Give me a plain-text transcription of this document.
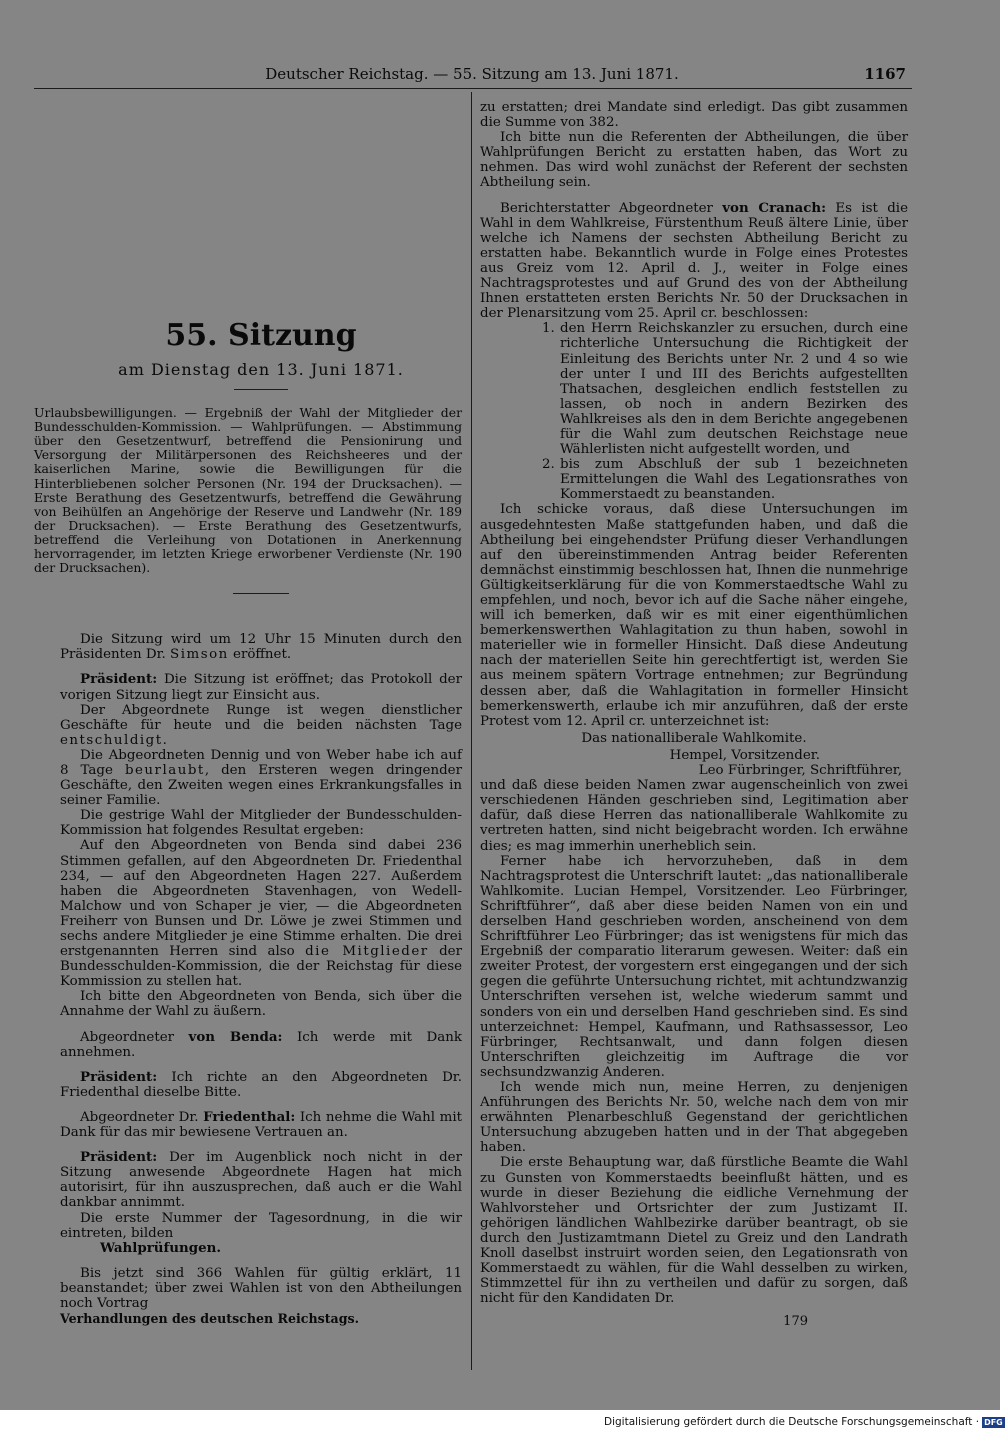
Deutscher Reichstag. — 55. Sitzung am 13. Juni 1871.	1167
55. Sitzung
am Dienstag den 13. Juni 1871.
Urlaubsbewilligungen. — Ergebniß der Wahl der Mitglieder der Bundesschulden-Kommission. — Wahlprüfungen. — Abstimmung über den Gesetzentwurf, betreffend die Pensionirung und Versorgung der Militärpersonen des Reichsheeres und der kaiserlichen Marine, sowie die Bewilligungen für die Hinterbliebenen solcher Personen (Nr. 194 der Drucksachen). — Erste Berathung des Gesetzentwurfs, betreffend die Gewährung von Beihülfen an Angehörige der Reserve und Landwehr (Nr. 189 der Drucksachen). — Erste Berathung des Gesetzentwurfs, betreffend die Verleihung von Dotationen in Anerkennung hervorragender, im letzten Kriege erworbener Verdienste (Nr. 190 der Drucksachen).

Die Sitzung wird um 12 Uhr 15 Minuten durch den Präsidenten Dr. Simson eröffnet.

Präsident: Die Sitzung ist eröffnet; das Protokoll der vorigen Sitzung liegt zur Einsicht aus.

Der Abgeordnete Runge ist wegen dienstlicher Geschäfte für heute und die beiden nächsten Tage entschuldigt.

Die Abgeordneten Dennig und von Weber habe ich auf 8 Tage beurlaubt, den Ersteren wegen dringender Geschäfte, den Zweiten wegen eines Erkrankungsfalles in seiner Familie.

Die gestrige Wahl der Mitglieder der Bundesschulden-Kommission hat folgendes Resultat ergeben:

Auf den Abgeordneten von Benda sind dabei 236 Stimmen gefallen, auf den Abgeordneten Dr. Friedenthal 234, — auf den Abgeordneten Hagen 227. Außerdem haben die Abgeordneten Stavenhagen, von Wedell-Malchow und von Schaper je vier, — die Abgeordneten Freiherr von Bunsen und Dr. Löwe je zwei Stimmen und sechs andere Mitglieder je eine Stimme erhalten. Die drei erstgenannten Herren sind also die Mitglieder der Bundesschulden-Kommission, die der Reichstag für diese Kommission zu stellen hat.

Ich bitte den Abgeordneten von Benda, sich über die Annahme der Wahl zu äußern.

Abgeordneter von Benda: Ich werde mit Dank annehmen.

Präsident: Ich richte an den Abgeordneten Dr. Friedenthal dieselbe Bitte.

Abgeordneter Dr. Friedenthal: Ich nehme die Wahl mit Dank für das mir bewiesene Vertrauen an.

Präsident: Der im Augenblick noch nicht in der Sitzung anwesende Abgeordnete Hagen hat mich autorisirt, für ihn auszusprechen, daß auch er die Wahl dankbar annimmt.

Die erste Nummer der Tagesordnung, in die wir eintreten, bilden

Wahlprüfungen.

Bis jetzt sind 366 Wahlen für gültig erklärt, 11 beanstandet; über zwei Wahlen ist von den Abtheilungen noch Vortrag

Verhandlungen des deutschen Reichstags.

zu erstatten; drei Mandate sind erledigt. Das gibt zusammen die Summe von 382.

Ich bitte nun die Referenten der Abtheilungen, die über Wahlprüfungen Bericht zu erstatten haben, das Wort zu nehmen. Das wird wohl zunächst der Referent der sechsten Abtheilung sein.

Berichterstatter Abgeordneter von Cranach: Es ist die Wahl in dem Wahlkreise, Fürstenthum Reuß ältere Linie, über welche ich Namens der sechsten Abtheilung Bericht zu erstatten habe. Bekanntlich wurde in Folge eines Protestes aus Greiz vom 12. April d. J., weiter in Folge eines Nachtragsprotestes und auf Grund des von der Abtheilung Ihnen erstatteten ersten Berichts Nr. 50 der Drucksachen in der Plenarsitzung vom 25. April cr. beschlossen:

1. den Herrn Reichskanzler zu ersuchen, durch eine richterliche Untersuchung die Richtigkeit der Einleitung des Berichts unter Nr. 2 und 4 so wie der unter I und III des Berichts aufgestellten Thatsachen, desgleichen endlich feststellen zu lassen, ob noch in andern Bezirken des Wahlkreises als den in dem Berichte angegebenen für die Wahl zum deutschen Reichstage neue Wählerlisten nicht aufgestellt worden, und
2. bis zum Abschluß der sub 1 bezeichneten Ermittelungen die Wahl des Legationsrathes von Kommerstaedt zu beanstanden.

Ich schicke voraus, daß diese Untersuchungen im ausgedehntesten Maße stattgefunden haben, und daß die Abtheilung bei eingehendster Prüfung dieser Verhandlungen auf den übereinstimmenden Antrag beider Referenten demnächst einstimmig beschlossen hat, Ihnen die nunmehrige Gültigkeitserklärung für die von Kommerstaedtsche Wahl zu empfehlen, und noch, bevor ich auf die Sache näher eingehe, will ich bemerken, daß wir es mit einer eigenthümlichen bemerkenswerthen Wahlagitation zu thun haben, sowohl in materieller wie in formeller Hinsicht. Daß diese Andeutung nach der materiellen Seite hin gerechtfertigt ist, werden Sie aus meinem spätern Vortrage entnehmen; zur Begründung dessen aber, daß die Wahlagitation in formeller Hinsicht bemerkenswerth, erlaube ich mir anzuführen, daß der erste Protest vom 12. April cr. unterzeichnet ist:

Das nationalliberale Wahlkomite.

Hempel, Vorsitzender.

Leo Fürbringer, Schriftführer,

und daß diese beiden Namen zwar augenscheinlich von zwei verschiedenen Händen geschrieben sind, Legitimation aber dafür, daß diese Herren das nationalliberale Wahlkomite zu vertreten hatten, sind nicht beigebracht worden. Ich erwähne dies; es mag immerhin unerheblich sein.

Ferner habe ich hervorzuheben, daß in dem Nachtragsprotest die Unterschrift lautet: „das nationalliberale Wahlkomite. Lucian Hempel, Vorsitzender. Leo Fürbringer, Schriftführer“, daß aber diese beiden Namen von ein und derselben Hand geschrieben worden, anscheinend von dem Schriftführer Leo Fürbringer; das ist wenigstens für mich das Ergebniß der comparatio literarum gewesen. Weiter: daß ein zweiter Protest, der vorgestern erst eingegangen und der sich gegen die geführte Untersuchung richtet, mit achtundzwanzig Unterschriften versehen ist, welche wiederum sammt und sonders von ein und derselben Hand geschrieben sind. Es sind unterzeichnet: Hempel, Kaufmann, und Rathsassessor, Leo Fürbringer, Rechtsanwalt, und dann folgen diesen Unterschriften gleichzeitig im Auftrage die vor sechsundzwanzig Anderen.

Ich wende mich nun, meine Herren, zu denjenigen Anführungen des Berichts Nr. 50, welche nach dem von mir erwähnten Plenarbeschluß Gegenstand der gerichtlichen Untersuchung abzugeben hatten und in der That abgegeben haben.

Die erste Behauptung war, daß fürstliche Beamte die Wahl zu Gunsten von Kommerstaedts beeinflußt hätten, und es wurde in dieser Beziehung die eidliche Vernehmung der Wahlvorsteher und Ortsrichter der zum Justizamt II. gehörigen ländlichen Wahlbezirke darüber beantragt, ob sie durch den Justizamtmann Dietel zu Greiz und den Landrath Knoll daselbst instruirt worden seien, den Legationsrath von Kommerstaedt zu wählen, für die Wahl desselben zu wirken, Stimmzettel für ihn zu vertheilen und dafür zu sorgen, daß nicht für den Kandidaten Dr.

179

Digitalisierung gefördert durch die Deutsche Forschungsgemeinschaft · DFG
